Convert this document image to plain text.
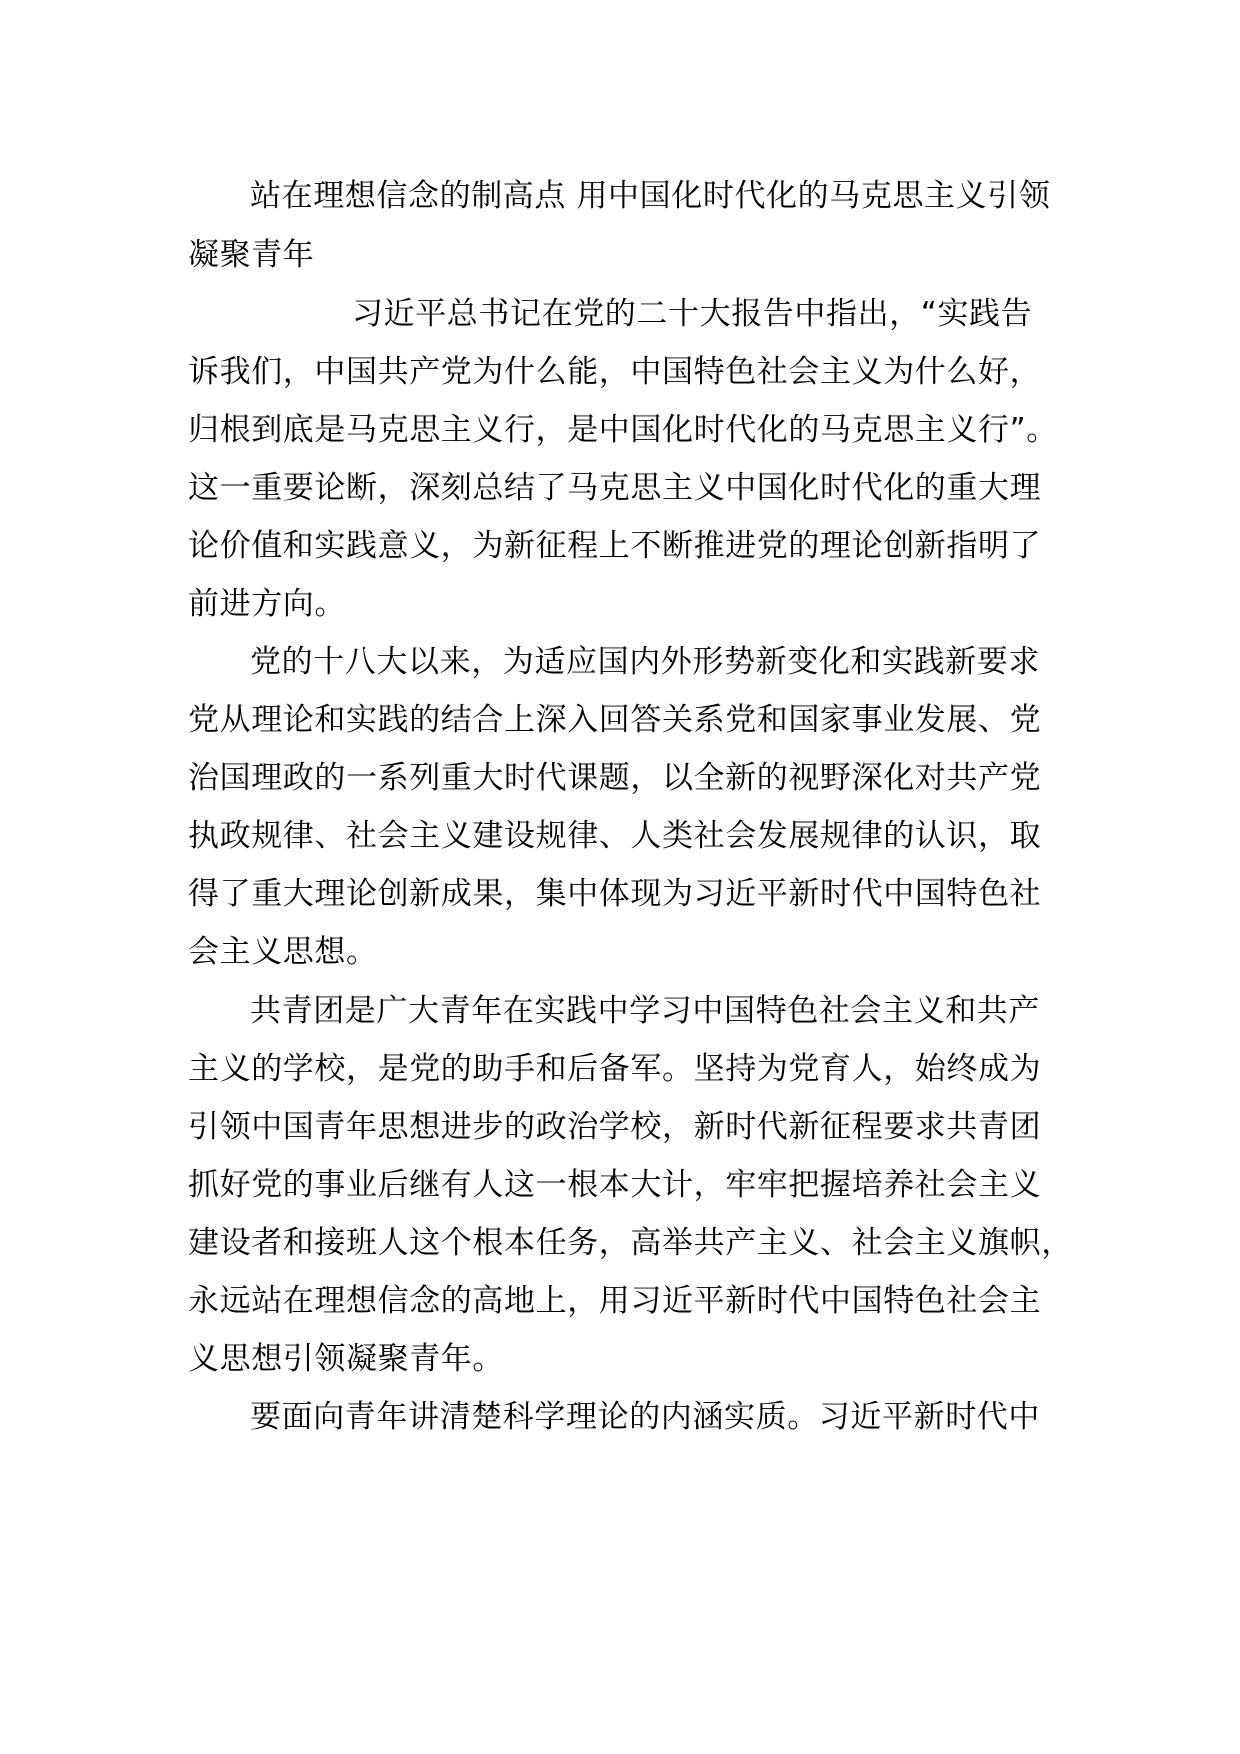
站在理想信念的制高点 用中国化时代化的马克思主义引领
凝聚青年
习近平总书记在党的二十大报告中指出，“实践告
诉我们，中国共产党为什么能，中国特色社会主义为什么好，
归根到底是马克思主义行，是中国化时代化的马克思主义行”。
这一重要论断，深刻总结了马克思主义中国化时代化的重大理
论价值和实践意义，为新征程上不断推进党的理论创新指明了
前进方向。
党的十八大以来，为适应国内外形势新变化和实践新要求
党从理论和实践的结合上深入回答关系党和国家事业发展、党
治国理政的一系列重大时代课题，以全新的视野深化对共产党
执政规律、社会主义建设规律、人类社会发展规律的认识，取
得了重大理论创新成果，集中体现为习近平新时代中国特色社
会主义思想。
共青团是广大青年在实践中学习中国特色社会主义和共产
主义的学校，是党的助手和后备军。坚持为党育人，始终成为
引领中国青年思想进步的政治学校，新时代新征程要求共青团
抓好党的事业后继有人这一根本大计，牢牢把握培养社会主义
建设者和接班人这个根本任务，高举共产主义、社会主义旗帜，
永远站在理想信念的高地上，用习近平新时代中国特色社会主
义思想引领凝聚青年。
要面向青年讲清楚科学理论的内涵实质。习近平新时代中
